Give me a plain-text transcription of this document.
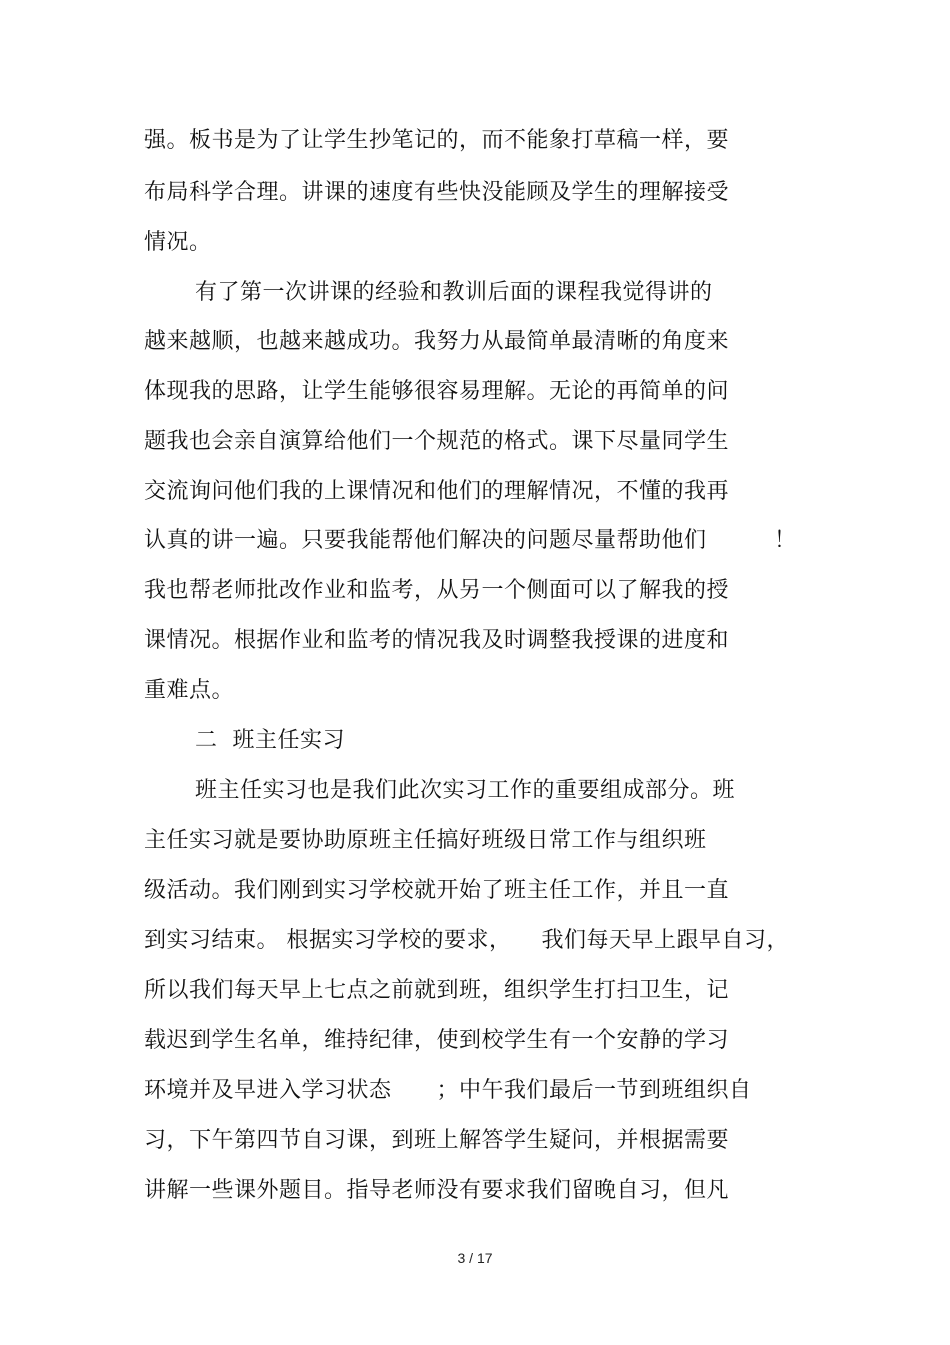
强。板书是为了让学生抄笔记的，而不能象打草稿一样，要
布局科学合理。讲课的速度有些快没能顾及学生的理解接受
情况。
有了第一次讲课的经验和教训后面的课程我觉得讲的
越来越顺，也越来越成功。我努力从最简单最清晰的角度来
体现我的思路，让学生能够很容易理解。无论的再简单的问
题我也会亲自演算给他们一个规范的格式。课下尽量同学生
交流询问他们我的上课情况和他们的理解情况，不懂的我再
认真的讲一遍。只要我能帮他们解决的问题尽量帮助他们         ！
我也帮老师批改作业和监考，从另一个侧面可以了解我的授
课情况。根据作业和监考的情况我及时调整我授课的进度和
重难点。
二  班主任实习
班主任实习也是我们此次实习工作的重要组成部分。班
主任实习就是要协助原班主任搞好班级日常工作与组织班
级活动。我们刚到实习学校就开始了班主任工作，并且一直
到实习结束。 根据实习学校的要求，    我们每天早上跟早自习，
所以我们每天早上七点之前就到班，组织学生打扫卫生，记
载迟到学生名单，维持纪律，使到校学生有一个安静的学习
环境并及早进入学习状态      ；中午我们最后一节到班组织自
习，下午第四节自习课，到班上解答学生疑问，并根据需要
讲解一些课外题目。指导老师没有要求我们留晚自习，但凡
3 / 17
